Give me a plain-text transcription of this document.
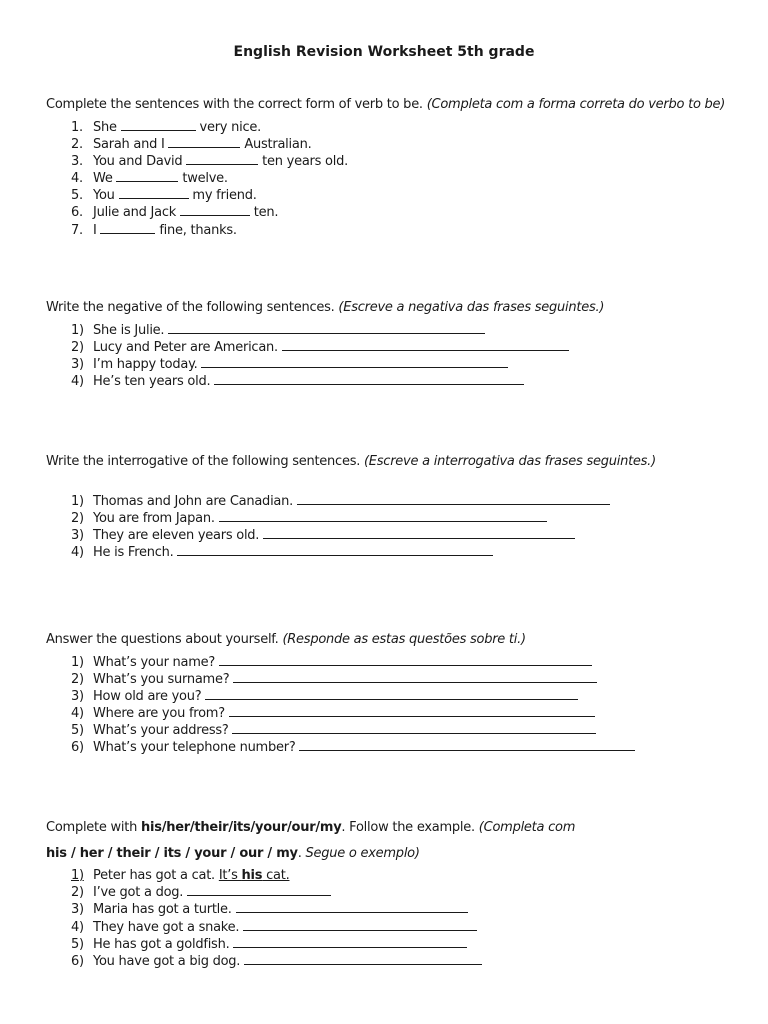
English Revision Worksheet 5th grade

Complete the sentences with the correct form of verb to be. (Completa com a forma correta do verbo to be)

1. She	very nice.
2. Sarah and I	Australian.
3. You and David	ten years old.
4. We	twelve.
5. You	my friend.
6. Julie and Jack	ten.
7. I	fine, thanks.

Write the negative of the following sentences. (Escreve a negativa das frases seguintes.)

1) She is Julie.
2) Lucy and Peter are American.
3) I’m happy today.
4) He’s ten years old.

Write the interrogative of the following sentences. (Escreve a interrogativa das frases seguintes.)

1) Thomas and John are Canadian.
2) You are from Japan.
3) They are eleven years old.
4) He is French.

Answer the questions about yourself. (Responde as estas questões sobre ti.)

1) What’s your name?
2) What’s you surname?
3) How old are you?
4) Where are you from?
5) What’s your address?
6) What’s your telephone number?

Complete with his/her/their/its/your/our/my. Follow the example. (Completa com
his / her / their / its / your / our / my. Segue o exemplo)

1) Peter has got a cat. It’s his cat.
2) I’ve got a dog.
3) Maria has got a turtle.
4) They have got a snake.
5) He has got a goldfish.
6) You have got a big dog.
